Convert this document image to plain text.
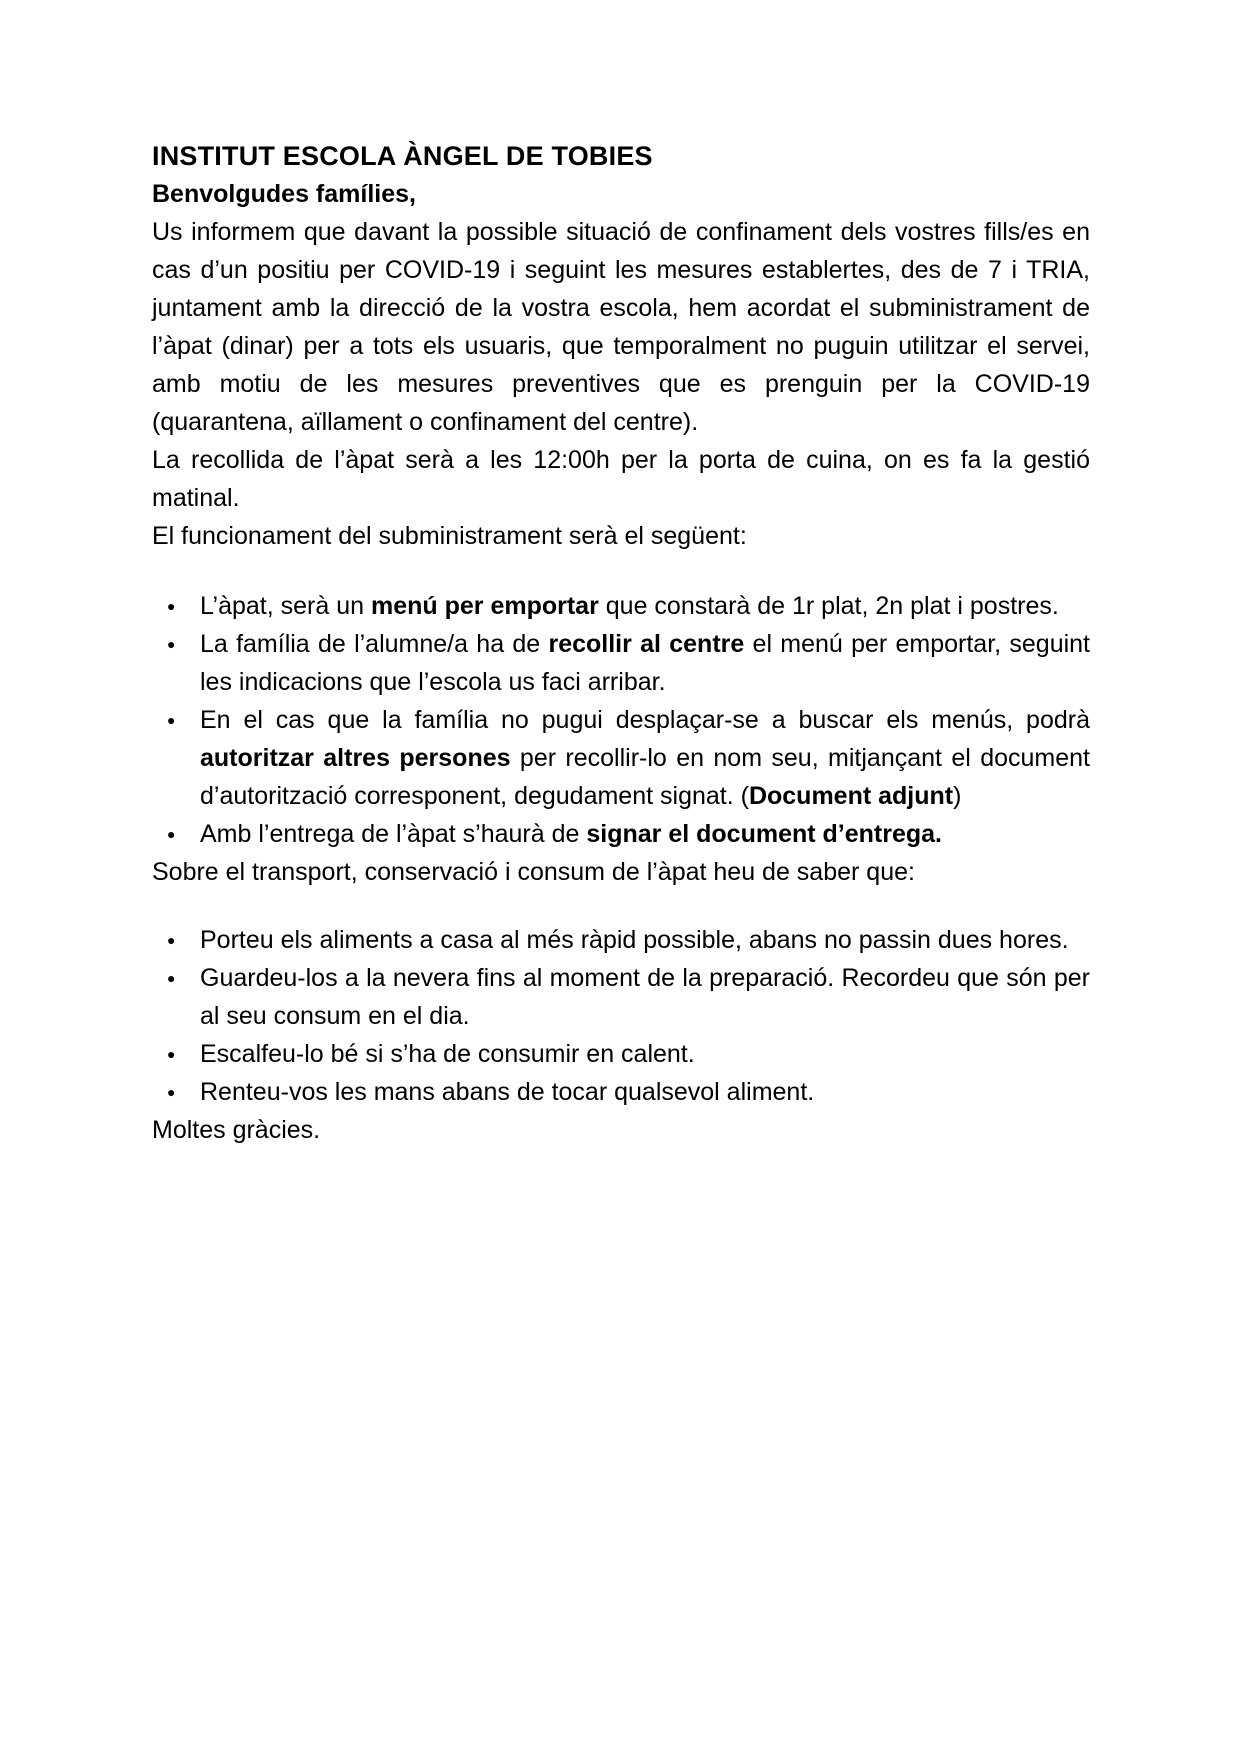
INSTITUT ESCOLA ÀNGEL DE TOBIES

Benvolgudes famílies,

Us informem que davant la possible situació de confinament dels vostres fills/es en cas d’un positiu per COVID-19 i seguint les mesures establertes, des de 7 i TRIA, juntament amb la direcció de la vostra escola, hem acordat el subministrament de l’àpat (dinar) per a tots els usuaris, que temporalment no puguin utilitzar el servei, amb motiu de les mesures preventives que es prenguin per la COVID-19 (quarantena, aïllament o confinament del centre).

La recollida de l’àpat serà a les 12:00h per la porta de cuina, on es fa la gestió matinal.

El funcionament del subministrament serà el següent:

● L’àpat, serà un menú per emportar que constarà de 1r plat, 2n plat i postres.
● La família de l’alumne/a ha de recollir al centre el menú per emportar, seguint les indicacions que l’escola us faci arribar.
● En el cas que la família no pugui desplaçar-se a buscar els menús, podrà autoritzar altres persones per recollir-lo en nom seu, mitjançant el document d’autorització corresponent, degudament signat. (Document adjunt)
● Amb l’entrega de l’àpat s’haurà de signar el document d’entrega.

Sobre el transport, conservació i consum de l’àpat heu de saber que:

● Porteu els aliments a casa al més ràpid possible, abans no passin dues hores.
● Guardeu-los a la nevera fins al moment de la preparació. Recordeu que són per al seu consum en el dia.
● Escalfeu-lo bé si s’ha de consumir en calent.
● Renteu-vos les mans abans de tocar qualsevol aliment.

Moltes gràcies.
